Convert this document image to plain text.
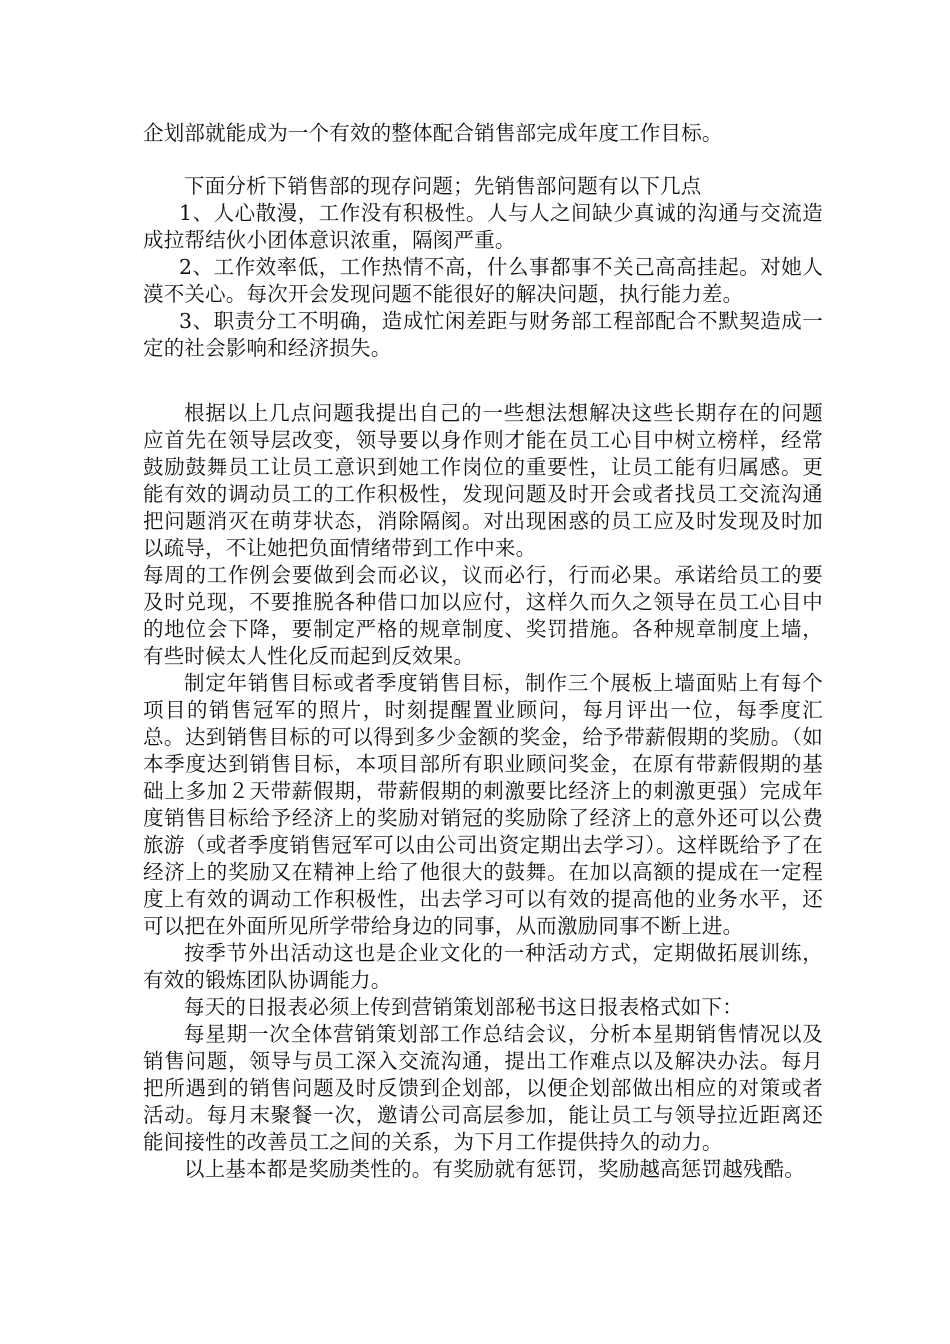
企划部就能成为一个有效的整体配合销售部完成年度工作目标。

下面分析下销售部的现存问题；先销售部问题有以下几点

1、人心散漫，工作没有积极性。人与人之间缺少真诚的沟通与交流造成拉帮结伙小团体意识浓重，隔阂严重。

2、工作效率低，工作热情不高，什么事都事不关己高高挂起。对她人漠不关心。每次开会发现问题不能很好的解决问题，执行能力差。

3、职责分工不明确，造成忙闲差距与财务部工程部配合不默契造成一定的社会影响和经济损失。

根据以上几点问题我提出自己的一些想法想解决这些长期存在的问题应首先在领导层改变，领导要以身作则才能在员工心目中树立榜样，经常鼓励鼓舞员工让员工意识到她工作岗位的重要性，让员工能有归属感。更能有效的调动员工的工作积极性，发现问题及时开会或者找员工交流沟通把问题消灭在萌芽状态，消除隔阂。对出现困惑的员工应及时发现及时加以疏导，不让她把负面情绪带到工作中来。

每周的工作例会要做到会而必议，议而必行，行而必果。承诺给员工的要及时兑现，不要推脱各种借口加以应付，这样久而久之领导在员工心目中的地位会下降，要制定严格的规章制度、奖罚措施。各种规章制度上墙，有些时候太人性化反而起到反效果。

制定年销售目标或者季度销售目标，制作三个展板上墙面贴上有每个项目的销售冠军的照片，时刻提醒置业顾问，每月评出一位，每季度汇总。达到销售目标的可以得到多少金额的奖金，给予带薪假期的奖励。（如本季度达到销售目标，本项目部所有职业顾问奖金，在原有带薪假期的基础上多加２天带薪假期，带薪假期的刺激要比经济上的刺激更强）完成年度销售目标给予经济上的奖励对销冠的奖励除了经济上的意外还可以公费旅游（或者季度销售冠军可以由公司出资定期出去学习）。这样既给予了在经济上的奖励又在精神上给了他很大的鼓舞。在加以高额的提成在一定程度上有效的调动工作积极性，出去学习可以有效的提高他的业务水平，还可以把在外面所见所学带给身边的同事，从而激励同事不断上进。

按季节外出活动这也是企业文化的一种活动方式，定期做拓展训练，有效的锻炼团队协调能力。

每天的日报表必须上传到营销策划部秘书这日报表格式如下：

每星期一次全体营销策划部工作总结会议，分析本星期销售情况以及销售问题，领导与员工深入交流沟通，提出工作难点以及解决办法。每月把所遇到的销售问题及时反馈到企划部，以便企划部做出相应的对策或者活动。每月末聚餐一次，邀请公司高层参加，能让员工与领导拉近距离还能间接性的改善员工之间的关系，为下月工作提供持久的动力。

以上基本都是奖励类性的。有奖励就有惩罚，奖励越高惩罚越残酷。
